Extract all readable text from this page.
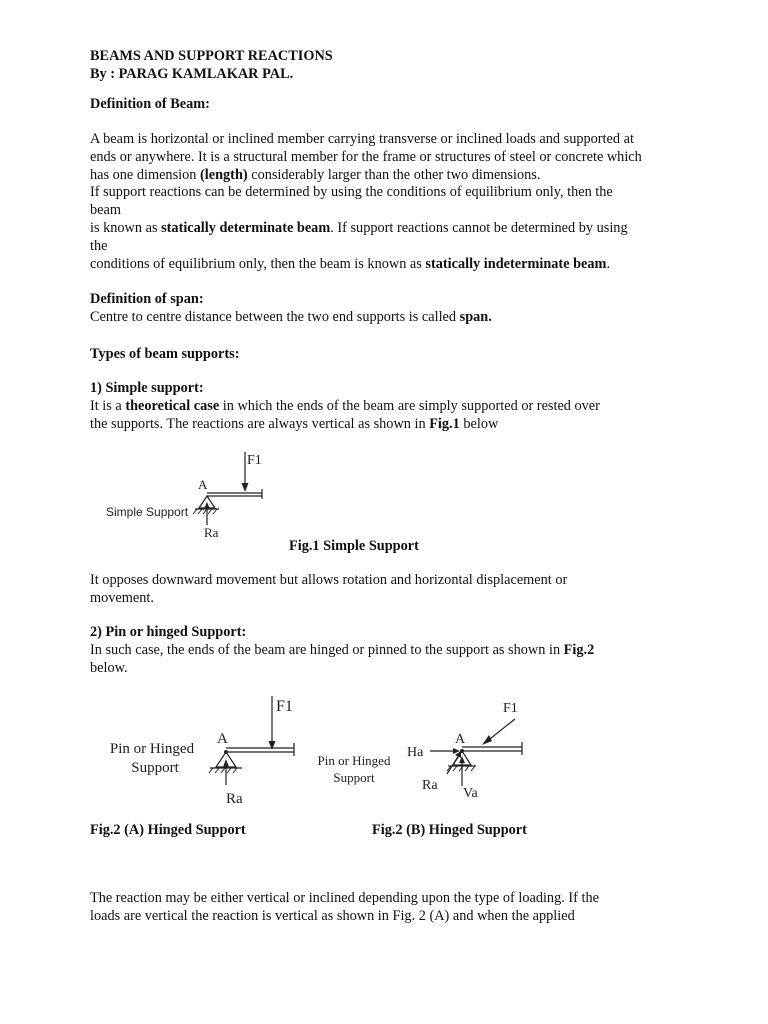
BEAMS AND SUPPORT REACTIONS
By : PARAG KAMLAKAR PAL.
Definition of Beam:
A beam is horizontal or inclined member carrying transverse or inclined loads and supported at
ends or anywhere. It is a structural member for the frame or structures of steel or concrete which
has one dimension (length) considerably larger than the other two dimensions.
If support reactions can be determined by using the conditions of equilibrium only, then the
beam
is known as statically determinate beam. If support reactions cannot be determined by using
the
conditions of equilibrium only, then the beam is known as statically indeterminate beam.
Definition of span:
Centre to centre distance between the two end supports is called span.
Types of beam supports:
1) Simple support:
It is a theoretical case in which the ends of the beam are simply supported or rested over
the supports. The reactions are always vertical as shown in Fig.1 below
F1
A
Simple Support
Ra
Fig.1 Simple Support
It opposes downward movement but allows rotation and horizontal displacement or
movement.
2) Pin or hinged Support:
In such case, the ends of the beam are hinged or pinned to the support as shown in Fig.2
below.
F1
A
Pin or Hinged
Support
Ra
F1
A
Ha
Ra
Va
Pin or Hinged
Support
Fig.2 (A) Hinged Support	Fig.2 (B) Hinged Support
The reaction may be either vertical or inclined depending upon the type of loading. If the
loads are vertical the reaction is vertical as shown in Fig. 2 (A) and when the applied
